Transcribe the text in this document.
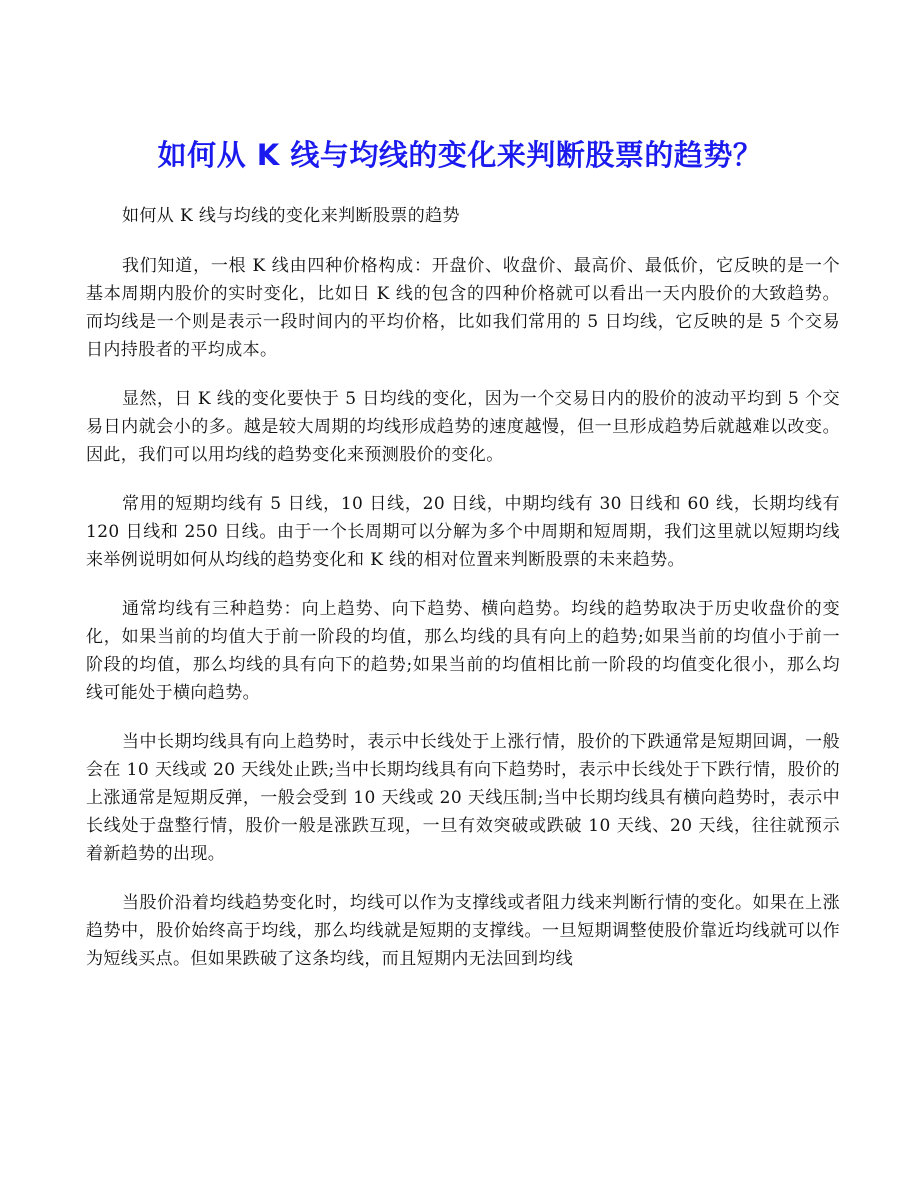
如何从 K 线与均线的变化来判断股票的趋势？

如何从 K 线与均线的变化来判断股票的趋势

我们知道，一根 K 线由四种价格构成：开盘价、收盘价、最高价、最低价，它反映的是一个基本周期内股价的实时变化，比如日 K 线的包含的四种价格就可以看出一天内股价的大致趋势。而均线是一个则是表示一段时间内的平均价格，比如我们常用的 5 日均线，它反映的是 5 个交易日内持股者的平均成本。

显然，日 K 线的变化要快于 5 日均线的变化，因为一个交易日内的股价的波动平均到 5 个交易日内就会小的多。越是较大周期的均线形成趋势的速度越慢，但一旦形成趋势后就越难以改变。因此，我们可以用均线的趋势变化来预测股价的变化。

常用的短期均线有 5 日线，10 日线，20 日线，中期均线有 30 日线和 60 线，长期均线有 120 日线和 250 日线。由于一个长周期可以分解为多个中周期和短周期，我们这里就以短期均线来举例说明如何从均线的趋势变化和 K 线的相对位置来判断股票的未来趋势。

通常均线有三种趋势：向上趋势、向下趋势、横向趋势。均线的趋势取决于历史收盘价的变化，如果当前的均值大于前一阶段的均值，那么均线的具有向上的趋势;如果当前的均值小于前一阶段的均值，那么均线的具有向下的趋势;如果当前的均值相比前一阶段的均值变化很小，那么均线可能处于横向趋势。

当中长期均线具有向上趋势时，表示中长线处于上涨行情，股价的下跌通常是短期回调，一般会在 10 天线或 20 天线处止跌;当中长期均线具有向下趋势时，表示中长线处于下跌行情，股价的上涨通常是短期反弹，一般会受到 10 天线或 20 天线压制;当中长期均线具有横向趋势时，表示中长线处于盘整行情，股价一般是涨跌互现，一旦有效突破或跌破 10 天线、20 天线，往往就预示着新趋势的出现。

当股价沿着均线趋势变化时，均线可以作为支撑线或者阻力线来判断行情的变化。如果在上涨趋势中，股价始终高于均线，那么均线就是短期的支撑线。一旦短期调整使股价靠近均线就可以作为短线买点。但如果跌破了这条均线，而且短期内无法回到均线
